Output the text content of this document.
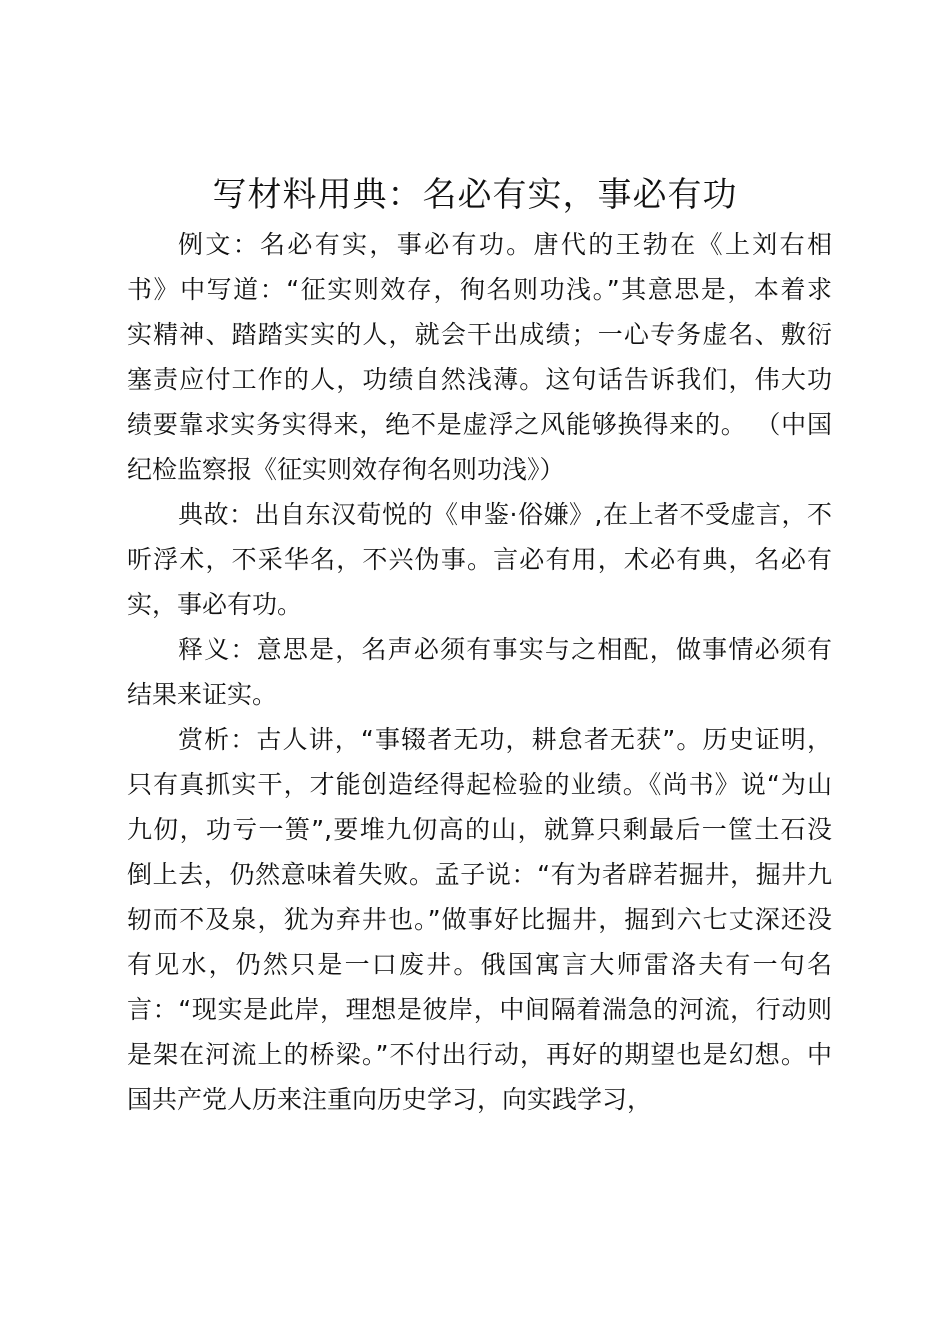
写材料用典：名必有实，事必有功
例文：名必有实，事必有功。唐代的王勃在《上刘右相
书》中写道：“征实则效存，徇名则功浅。”其意思是，本着求
实精神、踏踏实实的人，就会干出成绩；一心专务虚名、敷衍
塞责应付工作的人，功绩自然浅薄。这句话告诉我们，伟大功
绩要靠求实务实得来，绝不是虚浮之风能够换得来的。 （中国
纪检监察报《征实则效存徇名则功浅》）
典故：出自东汉荀悦的《申鉴·俗嫌》,在上者不受虚言，不
听浮术，不采华名，不兴伪事。言必有用，术必有典，名必有
实，事必有功。
释义：意思是，名声必须有事实与之相配，做事情必须有
结果来证实。
赏析：古人讲，“事辍者无功，耕怠者无获”。历史证明，
只有真抓实干，才能创造经得起检验的业绩。《尚书》说“为山
九仞，功亏一篑”,要堆九仞高的山，就算只剩最后一筐土石没
倒上去，仍然意味着失败。孟子说：“有为者辟若掘井，掘井九
轫而不及泉，犹为弃井也。”做事好比掘井，掘到六七丈深还没
有见水，仍然只是一口废井。俄国寓言大师雷洛夫有一句名
言：“现实是此岸，理想是彼岸，中间隔着湍急的河流，行动则
是架在河流上的桥梁。”不付出行动，再好的期望也是幻想。中
国共产党人历来注重向历史学习，向实践学习，
